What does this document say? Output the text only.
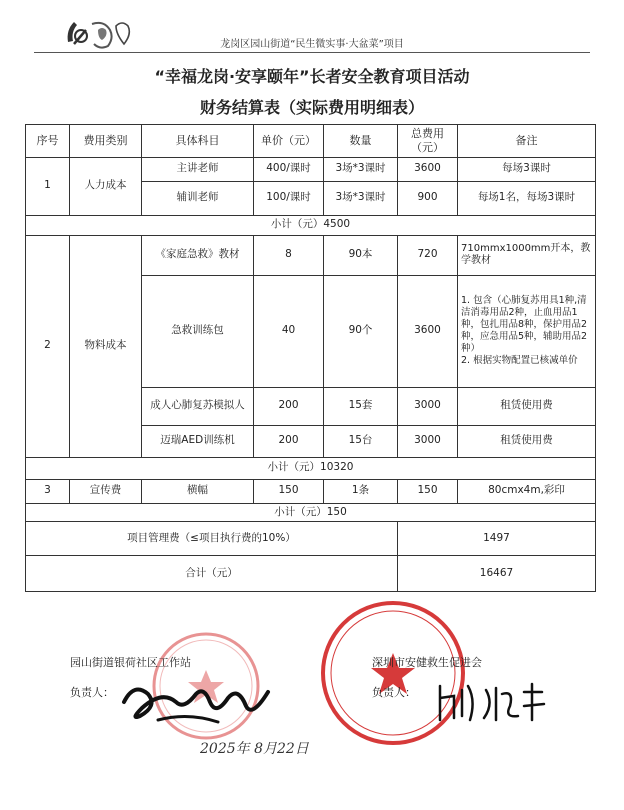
龙岗区园山街道“民生微实事·大盆菜”项目
“幸福龙岗·安享颐年”长者安全教育项目活动
财务结算表（实际费用明细表）
序号	费用类别	具体科目	单价（元）	数量	总费用（元）	备注
1	人力成本	主讲老师	400/课时	3场*3课时	3600	每场3课时
		辅训老师	100/课时	3场*3课时	900	每场1名，每场3课时
小计（元）4500						
2	物料成本	《家庭急救》教材	8	90本	720	710mmx1000mm开本，教学教材
		急救训练包	40	90个	3600	1. 包含（心肺复苏用具1种,清洁消毒用品2种，止血用品1种，包扎用品8种，保护用品2种，应急用品5种，辅助用品2种）
2. 根据实物配置已核减单价
		成人心肺复苏模拟人	200	15套	3000	租赁使用费
		迈瑞AED训练机	200	15台	3000	租赁使用费
小计（元）10320						
3	宣传费	横幅	150	1条	150	80cmx4m,彩印
小计（元）150						
项目管理费（≤项目执行费的10%）					1497	
合计（元）					16467	
园山街道银荷社区工作站
负责人：
深圳市安健救生促进会
负责人：
2025年 8月22日
